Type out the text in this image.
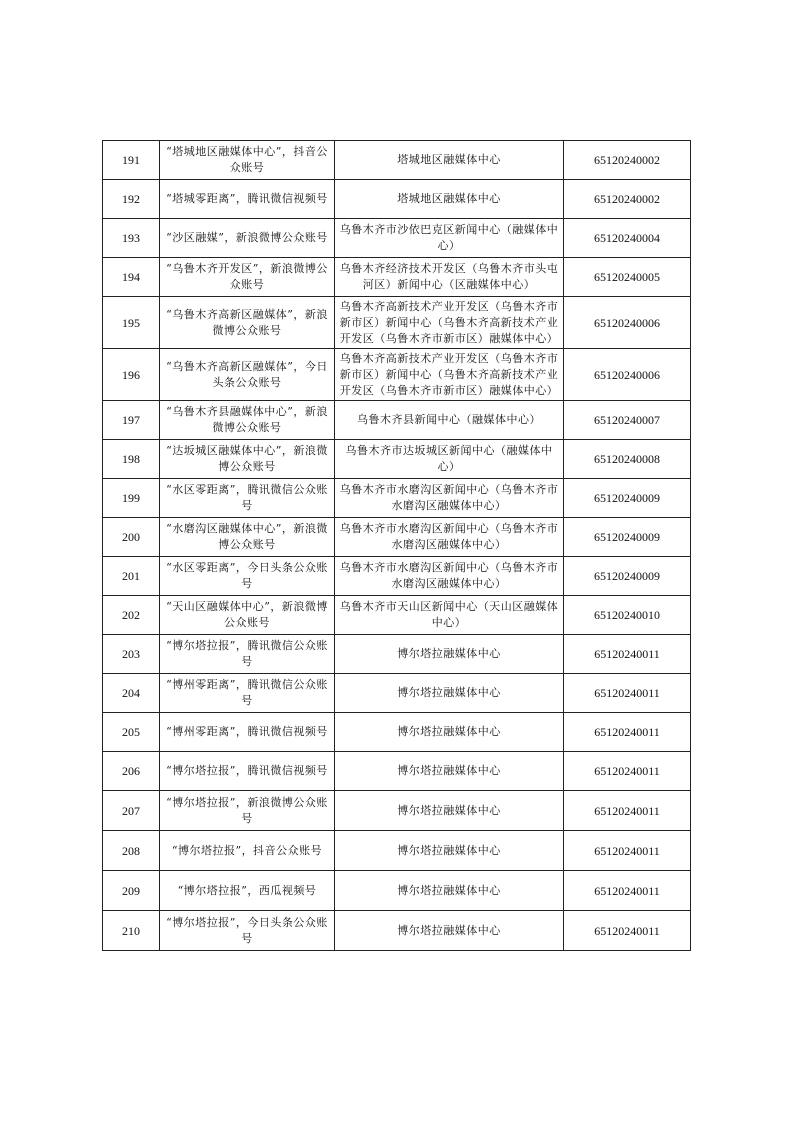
191	“塔城地区融媒体中心”，抖音公众账号	塔城地区融媒体中心	65120240002
192	“塔城零距离”，腾讯微信视频号	塔城地区融媒体中心	65120240002
193	“沙区融媒”，新浪微博公众账号	乌鲁木齐市沙依巴克区新闻中心（融媒体中心）	65120240004
194	“乌鲁木齐开发区”，新浪微博公众账号	乌鲁木齐经济技术开发区（乌鲁木齐市头屯河区）新闻中心（区融媒体中心）	65120240005
195	“乌鲁木齐高新区融媒体”，新浪微博公众账号	乌鲁木齐高新技术产业开发区（乌鲁木齐市新市区）新闻中心（乌鲁木齐高新技术产业开发区（乌鲁木齐市新市区）融媒体中心）	65120240006
196	“乌鲁木齐高新区融媒体”，今日头条公众账号	乌鲁木齐高新技术产业开发区（乌鲁木齐市新市区）新闻中心（乌鲁木齐高新技术产业开发区（乌鲁木齐市新市区）融媒体中心）	65120240006
197	“乌鲁木齐县融媒体中心”，新浪微博公众账号	乌鲁木齐县新闻中心（融媒体中心）	65120240007
198	“达坂城区融媒体中心”，新浪微博公众账号	乌鲁木齐市达坂城区新闻中心（融媒体中心）	65120240008
199	“水区零距离”，腾讯微信公众账号	乌鲁木齐市水磨沟区新闻中心（乌鲁木齐市水磨沟区融媒体中心）	65120240009
200	“水磨沟区融媒体中心”，新浪微博公众账号	乌鲁木齐市水磨沟区新闻中心（乌鲁木齐市水磨沟区融媒体中心）	65120240009
201	“水区零距离”，今日头条公众账号	乌鲁木齐市水磨沟区新闻中心（乌鲁木齐市水磨沟区融媒体中心）	65120240009
202	“天山区融媒体中心”，新浪微博公众账号	乌鲁木齐市天山区新闻中心（天山区融媒体中心）	65120240010
203	“博尔塔拉报”，腾讯微信公众账号	博尔塔拉融媒体中心	65120240011
204	“博州零距离”，腾讯微信公众账号	博尔塔拉融媒体中心	65120240011
205	“博州零距离”，腾讯微信视频号	博尔塔拉融媒体中心	65120240011
206	“博尔塔拉报”，腾讯微信视频号	博尔塔拉融媒体中心	65120240011
207	“博尔塔拉报”，新浪微博公众账号	博尔塔拉融媒体中心	65120240011
208	“博尔塔拉报”，抖音公众账号	博尔塔拉融媒体中心	65120240011
209	“博尔塔拉报”，西瓜视频号	博尔塔拉融媒体中心	65120240011
210	“博尔塔拉报”，今日头条公众账号	博尔塔拉融媒体中心	65120240011
